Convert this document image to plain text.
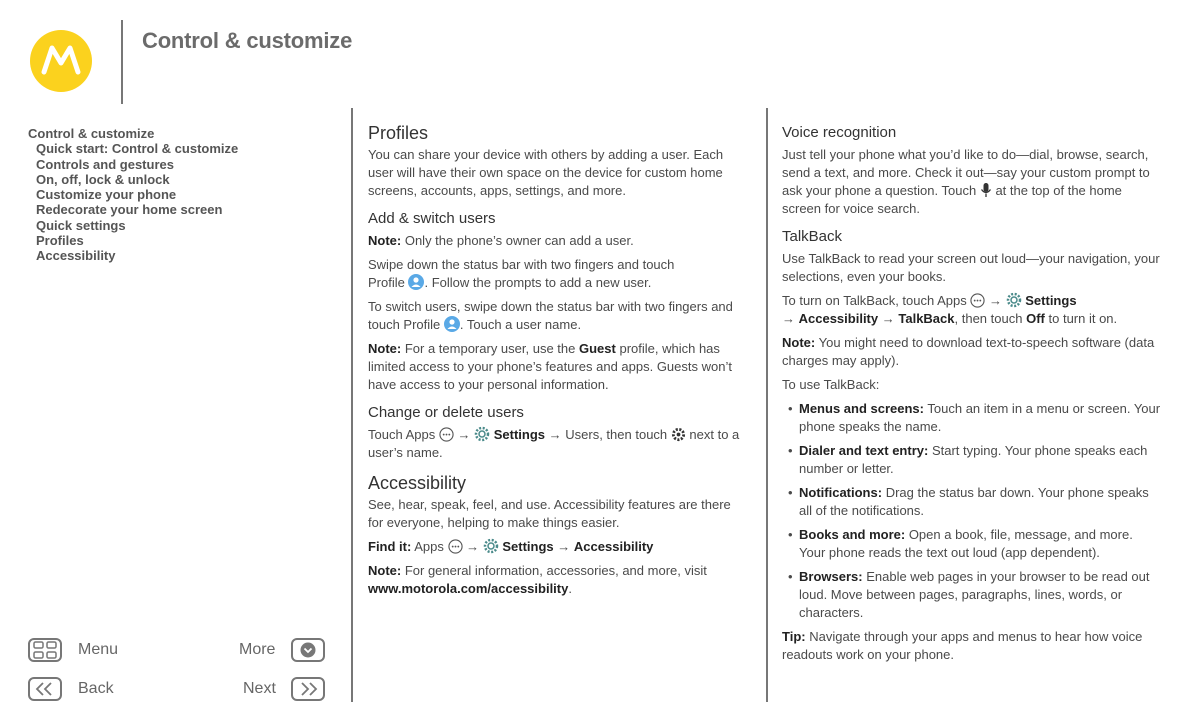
Control & customize
Control & customize
Quick start: Control & customize
Controls and gestures
On, off, lock & unlock
Customize your phone
Redecorate your home screen
Quick settings
Profiles
Accessibility
Profiles

You can share your device with others by adding a user. Each user will have their own space on the device for custom home screens, accounts, apps, settings, and more.

Add & switch users

Note: Only the phone’s owner can add a user.

Swipe down the status bar with two fingers and touch Profile . Follow the prompts to add a new user.

To switch users, swipe down the status bar with two fingers and touch Profile . Touch a user name.

Note: For a temporary user, use the Guest profile, which has limited access to your phone’s features and apps. Guests won’t have access to your personal information.

Change or delete users

Touch Apps → Settings → Users, then touch next to a user’s name.

Accessibility

See, hear, speak, feel, and use. Accessibility features are there for everyone, helping to make things easier.

Find it: Apps → Settings → Accessibility

Note: For general information, accessories, and more, visit www.motorola.com/accessibility.

Voice recognition

Just tell your phone what you’d like to do—dial, browse, search, send a text, and more. Check it out—say your custom prompt to ask your phone a question. Touch at the top of the home screen for voice search.

TalkBack

Use TalkBack to read your screen out loud—your navigation, your selections, even your books.

To turn on TalkBack, touch Apps → Settings
→ Accessibility → TalkBack, then touch Off to turn it on.

Note: You might need to download text-to-speech software (data charges may apply).

To use TalkBack:

• Menus and screens: Touch an item in a menu or screen. Your phone speaks the name.
• Dialer and text entry: Start typing. Your phone speaks each number or letter.
• Notifications: Drag the status bar down. Your phone speaks all of the notifications.
• Books and more: Open a book, file, message, and more. Your phone reads the text out loud (app dependent).
• Browsers: Enable web pages in your browser to be read out loud. Move between pages, paragraphs, lines, words, or characters.

Tip: Navigate through your apps and menus to hear how voice readouts work on your phone.

Menu	More
Back	Next
